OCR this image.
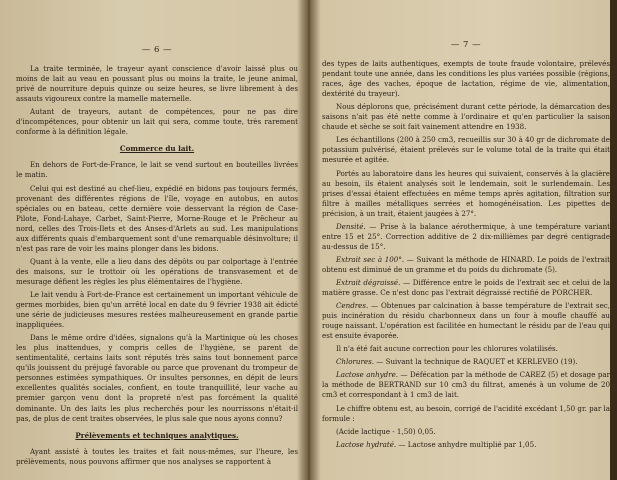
— 6 —

La traite terminée, le trayeur ayant conscience d'avoir laissé plus ou moins de lait au veau en poussant plus ou moins la traite, le jeune animal, privé de nourriture depuis quinze ou seize heures, se livre librement à des assauts vigoureux contre la mamelle maternelle.

Autant de trayeurs, autant de compétences, pour ne pas dire d'incompétences, pour obtenir un lait qui sera, comme toute, très rarement conforme à la définition légale.

Commerce du lait.

En dehors de Fort-de-France, le lait se vend surtout en bouteilles livrées le matin.

Celui qui est destiné au chef-lieu, expédié en bidons pas toujours fermés, provenant des différentes régions de l'île, voyage en autobus, en autos spéciales ou en bateau, cette dernière voie desservant la région de Case-Pilote, Fond-Lahaye, Carbet, Saint-Pierre, Morne-Rouge et le Prêcheur au nord, celles des Trois-Ilets et des Anses-d'Arlets au sud. Les manipulations aux différents quais d'embarquement sont d'une remarquable désinvolture; il n'est pas rare de voir les mains plonger dans les bidons.

Quant à la vente, elle a lieu dans des dépôts ou par colportage à l'entrée des maisons, sur le trottoir où les opérations de transvasement et de mesurage défient les règles les plus élémentaires de l'hygiène.

Le lait vendu à Fort-de-France est certainement un important véhicule de germes morbides, bien qu'un arrêté local en date du 9 février 1938 ait édicté une série de judicieuses mesures restées malheureusement en grande partie inappliquées.

Dans le même ordre d'idées, signalons qu'à la Martinique où les choses les plus inattendues, y compris celles de l'hygiène, se parent de sentimentalité, certains laits sont réputés très sains tout bonnement parce qu'ils jouissent du préjugé favorable ou parce que provenant du trompeur de personnes estimées sympathiques. Or insultes personnes, en dépit de leurs excellentes qualités sociales, confient, en toute tranquillité, leur vache au premier garçon venu dont la propreté n'est pas forcément la qualité dominante. Un des laits les plus recherchés pour les nourrissons n'était-il pas, de plus de cent traites observées, le plus sale que nous ayons connu?

Prélèvements et techniques analytiques.

Ayant assisté à toutes les traites et fait nous-mêmes, sur l'heure, les prélèvements, nous pouvons affirmer que nos analyses se rapportent à

— 7 —

des types de laits authentiques, exempts de toute fraude volontaire, prélevés pendant toute une année, dans les conditions les plus variées possible (régions, races, âge des vaches, époque de lactation, régime de vie, alimentation, dextérité du trayeur).

Nous déplorons que, précisément durant cette période, la démarcation des saisons n'ait pas été nette comme à l'ordinaire et qu'en particulier la saison chaude et sèche se soit fait vainement attendre en 1938.

Les échantillons (200 à 250 cm3, recueillis sur 30 à 40 gr de dichromate de potassium pulvérisé, étaient prélevés sur le volume total de la traite qui était mesurée et agitée.

Portés au laboratoire dans les heures qui suivaient, conservés à la glacière au besoin, ils étaient analysés soit le lendemain, soit le surlendemain. Les prises d'essai étaient effectuées en même temps après agitation, filtration sur filtre à mailles métalliques serrées et homogénéisation. Les pipettes de précision, à un trait, étaient jaugées à 27°.

Densité. — Prise à la balance aérothermique, à une température variant entre 15 et 25°. Correction additive de 2 dix-millièmes par degré centigrade au-dessus de 15°.

Extrait sec à 100°. — Suivant la méthode de HINARD. Le poids de l'extrait obtenu est diminué de un gramme et du poids du dichromate (5).

Extrait dégraissé. — Différence entre le poids de l'extrait sec et celui de la matière grasse. Ce n'est donc pas l'extrait dégraissé rectifié de PORCHER.

Cendres. — Obtenues par calcination à basse température de l'extrait sec, puis incinération du résidu charbonneux dans un four à moufle chauffé au rouge naissant. L'opération est facilitée en humectant le résidu par de l'eau qui est ensuite évaporée.

Il n'a été fait aucune correction pour les chlorures volatilisés.

Chlorures. — Suivant la technique de RAQUET et KERLEVEO (19).

Lactose anhydre. — Défécation par la méthode de CAREZ (5) et dosage par la méthode de BERTRAND sur 10 cm3 du filtrat, amenés à un volume de 20 cm3 et correspondant à 1 cm3 de lait.

Le chiffre obtenu est, au besoin, corrigé de l'acidité excédant 1,50 gr. par la formule :

(Acide lactique - 1,50) 0,05.

Lactose hydraté. — Lactose anhydre multiplié par 1,05.
